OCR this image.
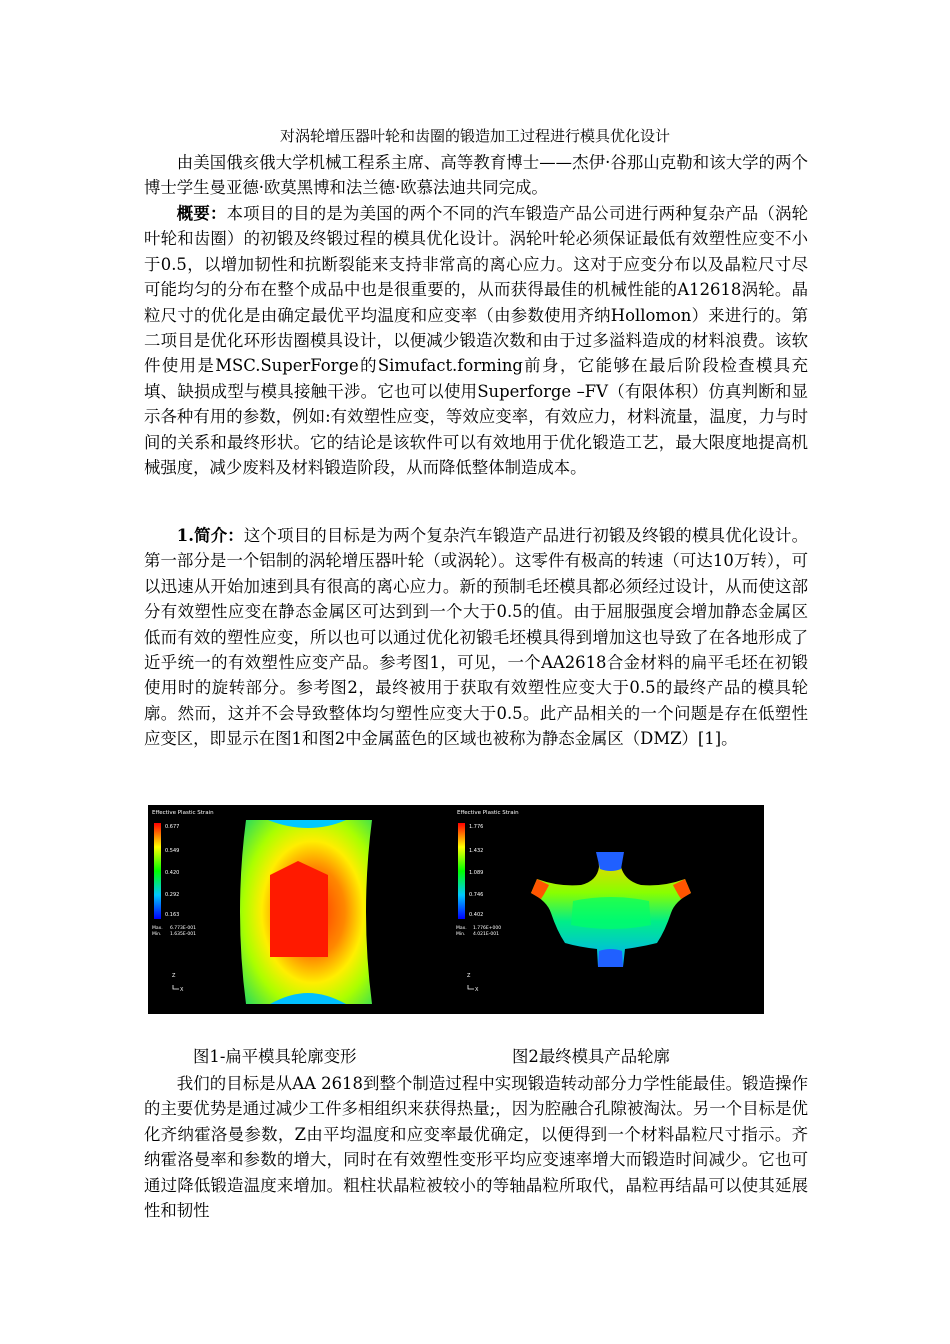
对涡轮增压器叶轮和齿圈的锻造加工过程进行模具优化设计

由美国俄亥俄大学机械工程系主席、高等教育博士——杰伊·谷那山克勒和该大学的两个博士学生曼亚德·欧莫黑博和法兰德·欧慕法迪共同完成。

概要：本项目的目的是为美国的两个不同的汽车锻造产品公司进行两种复杂产品（涡轮叶轮和齿圈）的初锻及终锻过程的模具优化设计。涡轮叶轮必须保证最低有效塑性应变不小于0.5，以增加韧性和抗断裂能来支持非常高的离心应力。这对于应变分布以及晶粒尺寸尽可能均匀的分布在整个成品中也是很重要的，从而获得最佳的机械性能的A12618涡轮。晶粒尺寸的优化是由确定最优平均温度和应变率（由参数使用齐纳Hollomon）来进行的。第二项目是优化环形齿圈模具设计，以便减少锻造次数和由于过多溢料造成的材料浪费。该软件使用是MSC.SuperForge的Simufact.forming前身，它能够在最后阶段检查模具充填、缺损成型与模具接触干涉。它也可以使用Superforge –FV（有限体积）仿真判断和显示各种有用的参数，例如:有效塑性应变，等效应变率，有效应力，材料流量，温度，力与时间的关系和最终形状。它的结论是该软件可以有效地用于优化锻造工艺，最大限度地提高机械强度，减少废料及材料锻造阶段，从而降低整体制造成本。

1.简介：这个项目的目标是为两个复杂汽车锻造产品进行初锻及终锻的模具优化设计。第一部分是一个铝制的涡轮增压器叶轮（或涡轮）。这零件有极高的转速（可达10万转），可以迅速从开始加速到具有很高的离心应力。新的预制毛坯模具都必须经过设计，从而使这部分有效塑性应变在静态金属区可达到到一个大于0.5的值。由于屈服强度会增加静态金属区低而有效的塑性应变，所以也可以通过优化初锻毛坯模具得到增加这也导致了在各地形成了近乎统一的有效塑性应变产品。参考图1，可见，一个AA2618合金材料的扁平毛坯在初锻使用时的旋转部分。参考图2，最终被用于获取有效塑性应变大于0.5的最终产品的模具轮廓。然而，这并不会导致整体均匀塑性应变大于0.5。此产品相关的一个问题是存在低塑性应变区，即显示在图1和图2中金属蓝色的区域也被称为静态金属区（DMZ）[1]。

Effective Plastic Strain
0.677
0.549
0.420
0.292
0.163
Max. 6.773E-001
Min. 1.635E-001
Z
X
Effective Plastic Strain
1.776
1.432
1.089
0.746
0.402
Max. 1.776E+000
Min. 4.021E-001
Z
X
图1-扁平模具轮廓变形	图2最终模具产品轮廓

我们的目标是从AA 2618到整个制造过程中实现锻造转动部分力学性能最佳。锻造操作的主要优势是通过减少工件多相组织来获得热量;，因为腔融合孔隙被淘汰。另一个目标是优化齐纳霍洛曼参数，Z由平均温度和应变率最优确定，以便得到一个材料晶粒尺寸指示。齐纳霍洛曼率和参数的增大，同时在有效塑性变形平均应变速率增大而锻造时间减少。它也可通过降低锻造温度来增加。粗柱状晶粒被较小的等轴晶粒所取代，晶粒再结晶可以使其延展性和韧性
